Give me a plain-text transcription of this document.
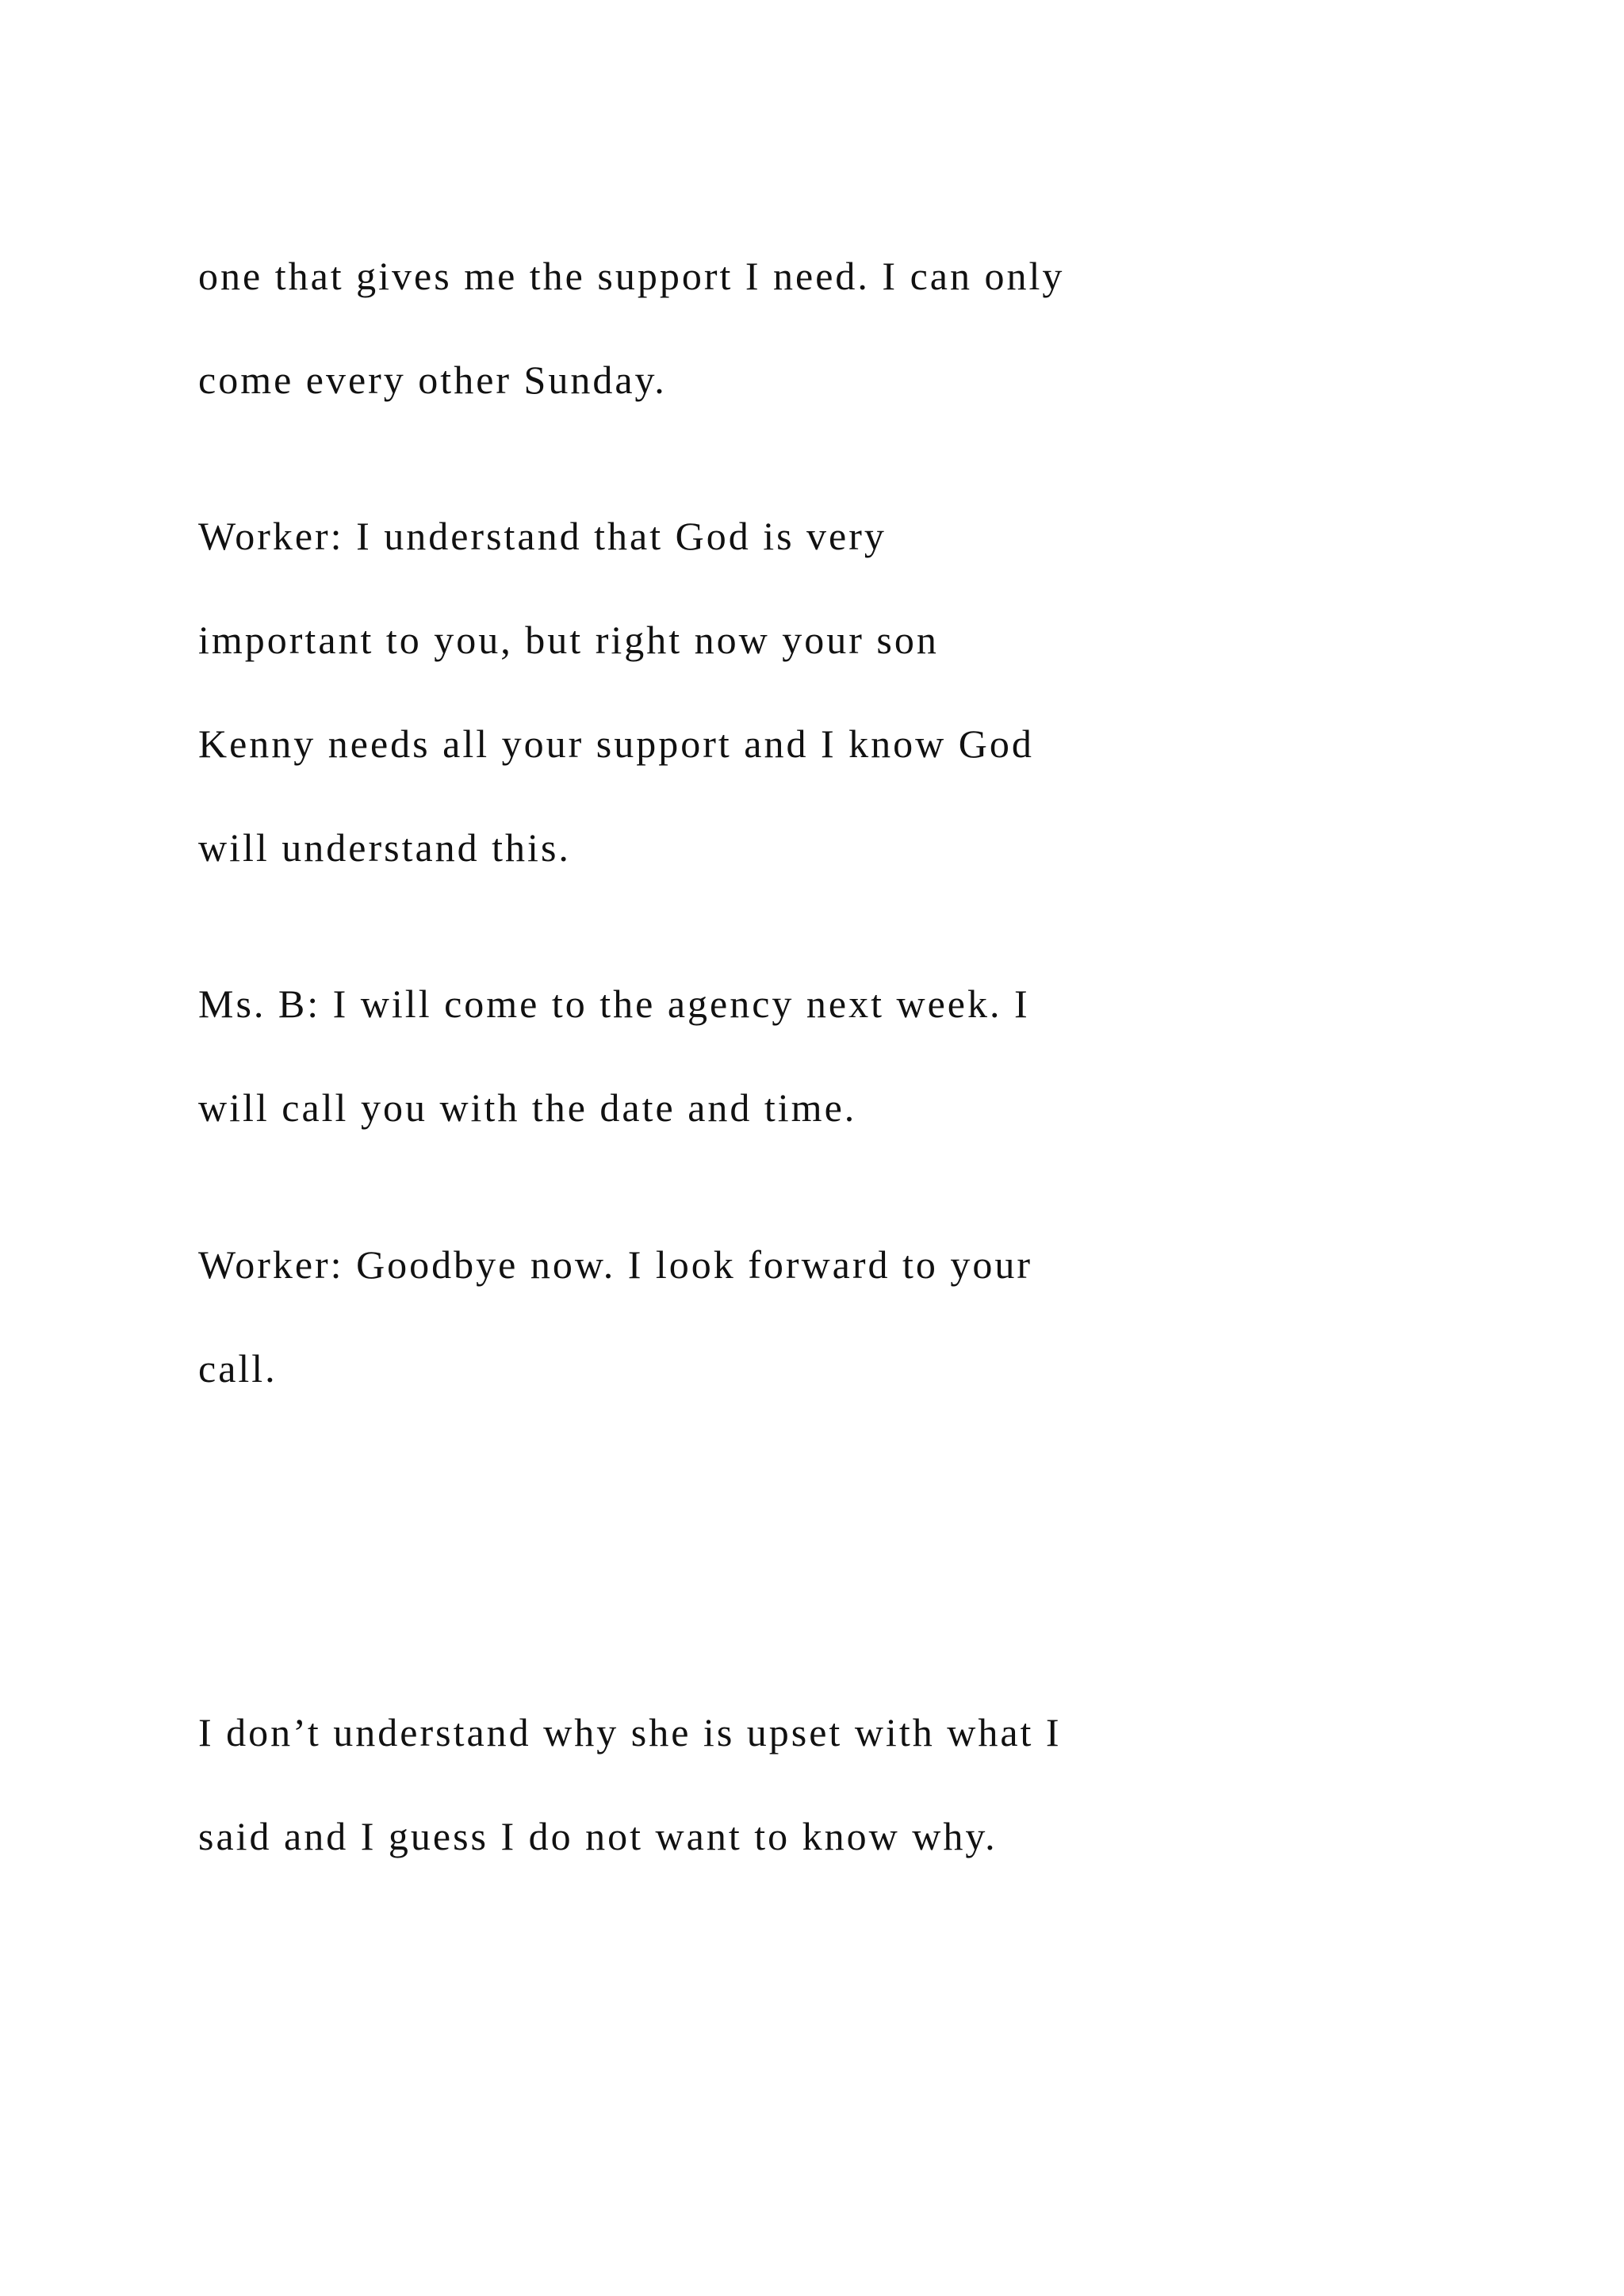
one that gives me the support I need. I can only
come every other Sunday.
Worker: I understand that God is very
important to you, but right now your son
Kenny needs all your support and I know God
will understand this.
Ms. B: I will come to the agency next week. I
will call you with the date and time.
Worker: Goodbye now. I look forward to your
call.
I don’t understand why she is upset with what I
said and I guess I do not want to know why.
